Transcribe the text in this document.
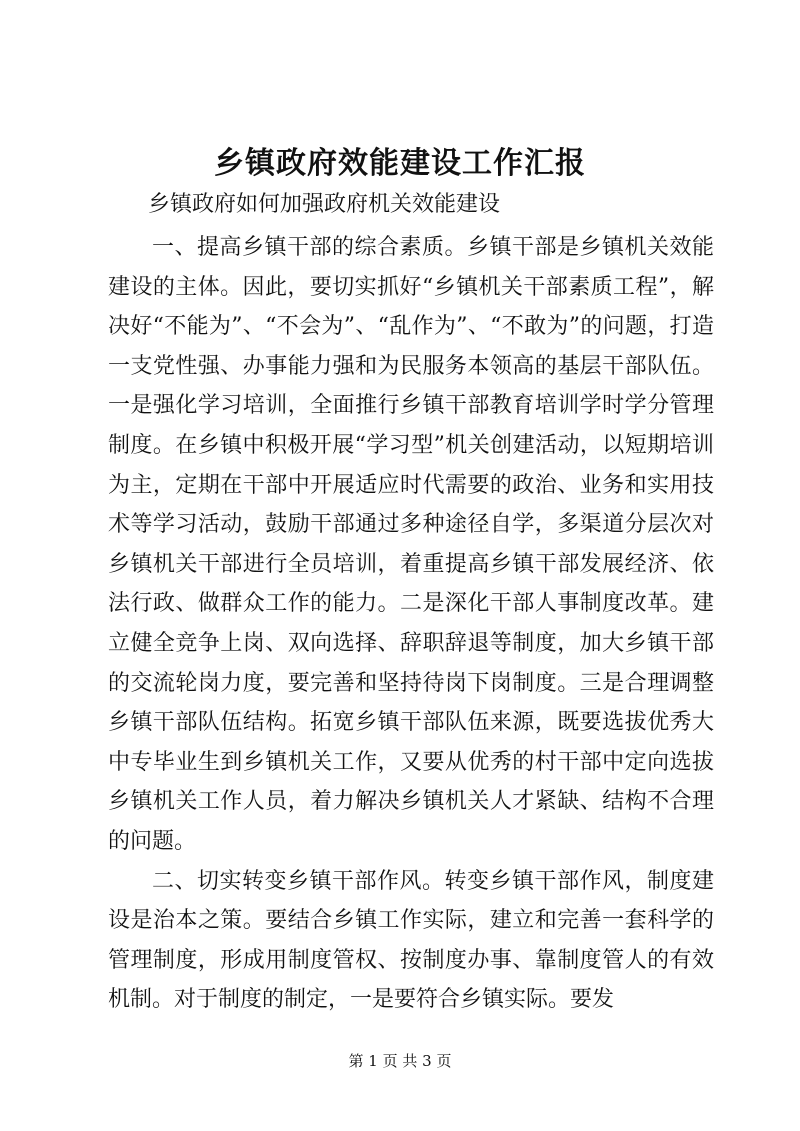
乡镇政府效能建设工作汇报
乡镇政府如何加强政府机关效能建设

一、提高乡镇干部的综合素质。乡镇干部是乡镇机关效能建设的主体。因此，要切实抓好“乡镇机关干部素质工程”，解决好“不能为”、“不会为”、“乱作为”、“不敢为”的问题，打造一支党性强、办事能力强和为民服务本领高的基层干部队伍。一是强化学习培训，全面推行乡镇干部教育培训学时学分管理制度。在乡镇中积极开展“学习型”机关创建活动，以短期培训为主，定期在干部中开展适应时代需要的政治、业务和实用技术等学习活动，鼓励干部通过多种途径自学，多渠道分层次对乡镇机关干部进行全员培训，着重提高乡镇干部发展经济、依法行政、做群众工作的能力。二是深化干部人事制度改革。建立健全竞争上岗、双向选择、辞职辞退等制度，加大乡镇干部的交流轮岗力度，要完善和坚持待岗下岗制度。三是合理调整乡镇干部队伍结构。拓宽乡镇干部队伍来源，既要选拔优秀大中专毕业生到乡镇机关工作，又要从优秀的村干部中定向选拔乡镇机关工作人员，着力解决乡镇机关人才紧缺、结构不合理的问题。

二、切实转变乡镇干部作风。转变乡镇干部作风，制度建设是治本之策。要结合乡镇工作实际，建立和完善一套科学的管理制度，形成用制度管权、按制度办事、靠制度管人的有效机制。对于制度的制定，一是要符合乡镇实际。要发

第 1 页 共 3 页
